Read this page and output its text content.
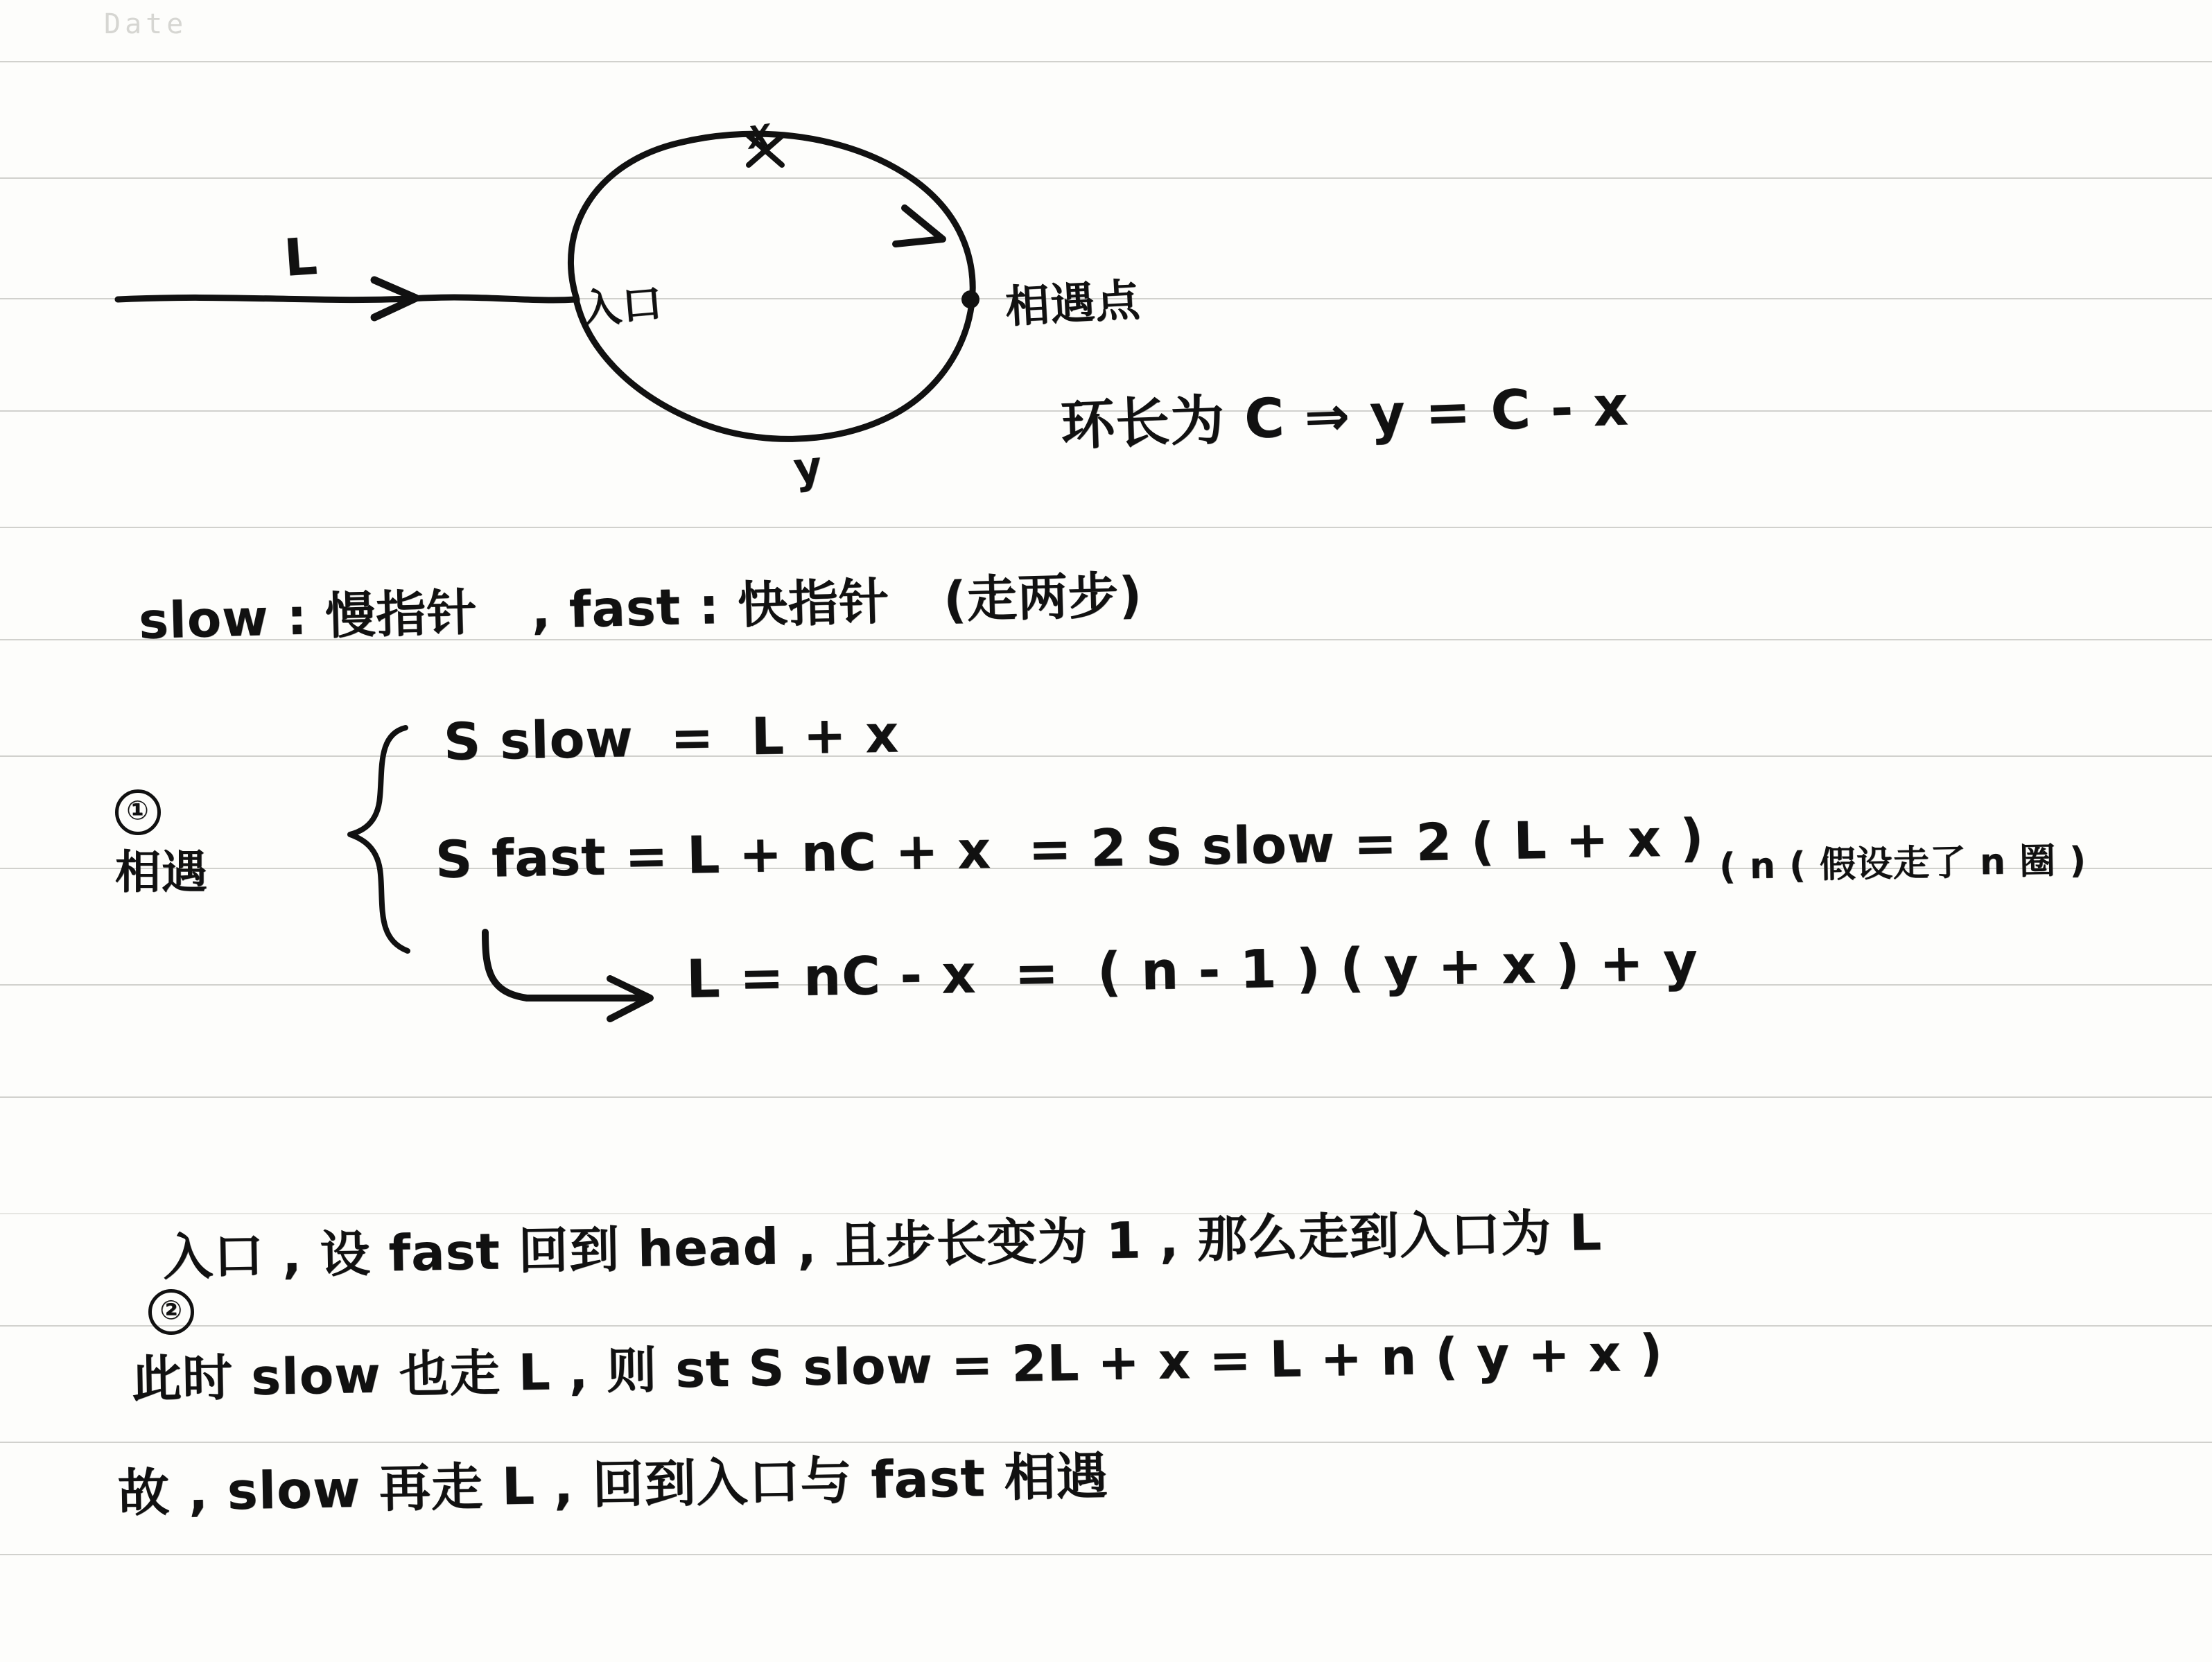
Date
L
𝑥
y
入口	相遇点
环长为 C ⇒ y = C - x
slow : 慢指针   , fast : 快指针   (走两步)

①
相遇

S slow  =  L + x
S fast = L + nC + x  = 2 S slow = 2 ( L + x ) ( n ( 假设走了 n 圈 )
L = nC - x  =  ( n - 1 ) ( y + x ) + y

②

入口 , 设 fast 回到 head , 且步长变为 1 , 那么走到入口为 L
此时 slow 也走 L , 则 st S slow = 2L + x = L + n ( y + x )
故 , slow 再走 L , 回到入口与 fast 相遇
